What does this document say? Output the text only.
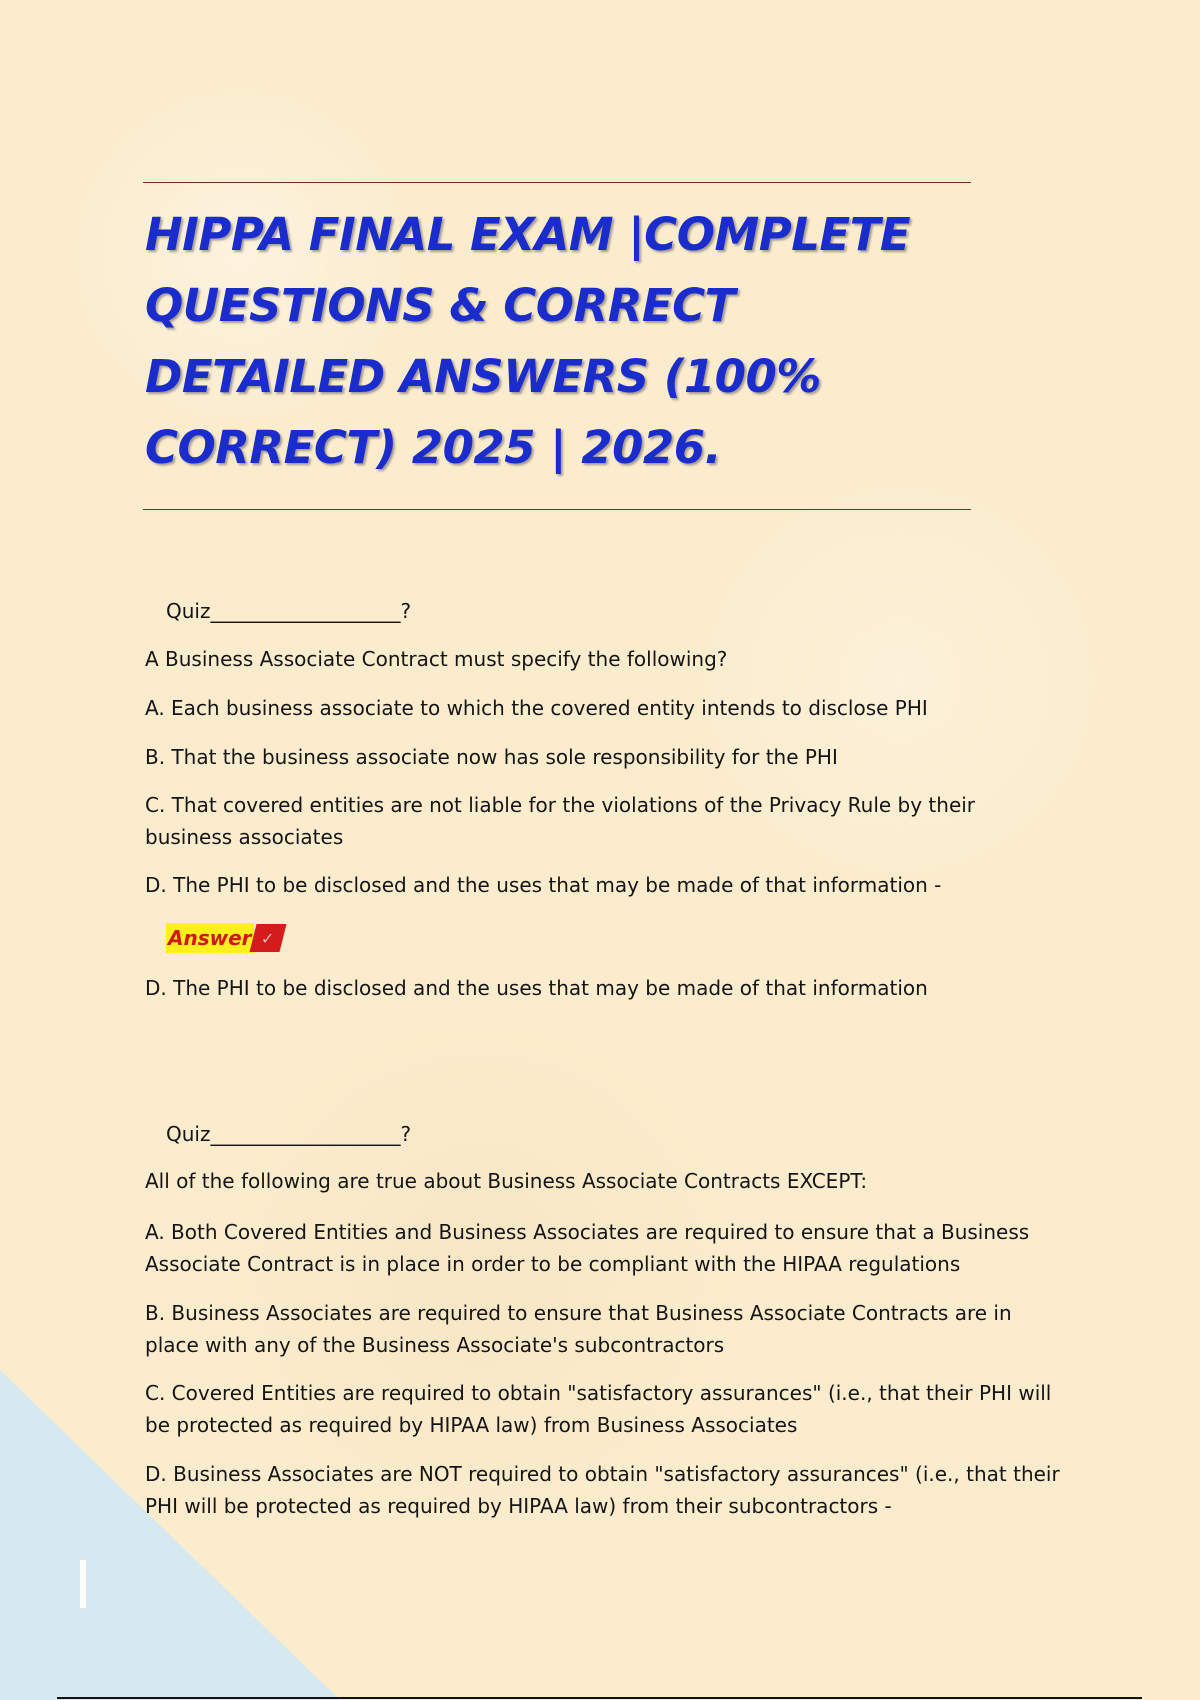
HIPPA FINAL EXAM |COMPLETE QUESTIONS & CORRECT DETAILED ANSWERS (100% CORRECT) 2025 | 2026.
Quiz___________________?
A Business Associate Contract must specify the following?
A. Each business associate to which the covered entity intends to disclose PHI
B. That the business associate now has sole responsibility for the PHI
C. That covered entities are not liable for the violations of the Privacy Rule by their business associates
D. The PHI to be disclosed and the uses that may be made of that information -
Answer ✓
D. The PHI to be disclosed and the uses that may be made of that information
Quiz___________________?
All of the following are true about Business Associate Contracts EXCEPT:
A. Both Covered Entities and Business Associates are required to ensure that a Business Associate Contract is in place in order to be compliant with the HIPAA regulations
B. Business Associates are required to ensure that Business Associate Contracts are in place with any of the Business Associate's subcontractors
C. Covered Entities are required to obtain "satisfactory assurances" (i.e., that their PHI will be protected as required by HIPAA law) from Business Associates
D. Business Associates are NOT required to obtain "satisfactory assurances" (i.e., that their PHI will be protected as required by HIPAA law) from their subcontractors -
